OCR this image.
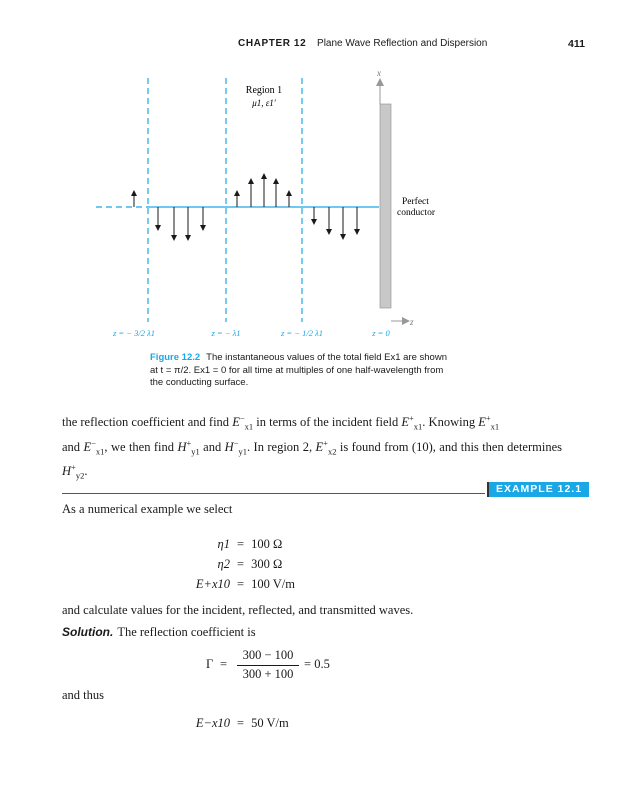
CHAPTER 12 Plane Wave Reflection and Dispersion	411
Region 1
μ1, ε1′
x
z
Perfect
conductor
z = − 3/2 λ1	z = − λ1	z = − 1/2 λ1	z = 0
Figure 12.2 The instantaneous values of the total field Ex1 are shown at t = π/2. Ex1 = 0 for all time at multiples of one half-wavelength from the conducting surface.
the reflection coefficient and find $E^-_{x1}$ in terms of the incident field $E^+_{x1}$. Knowing $E^+_{x1}$
and $E^-_{x1}$, we then find $H^+_{y1}$ and $H^-_{y1}$. In region 2, $E^+_{x2}$ is found from (10), and this then determines $H^+_{y2}$.
EXAMPLE 12.1
As a numerical example we select
η1 = 100 Ω
η2 = 300 Ω
E+x10 = 100 V/m
and calculate values for the incident, reflected, and transmitted waves.
Solution. The reflection coefficient is
Γ =
300 − 100
300 + 100
= 0.5
and thus
E−x10 = 50 V/m
